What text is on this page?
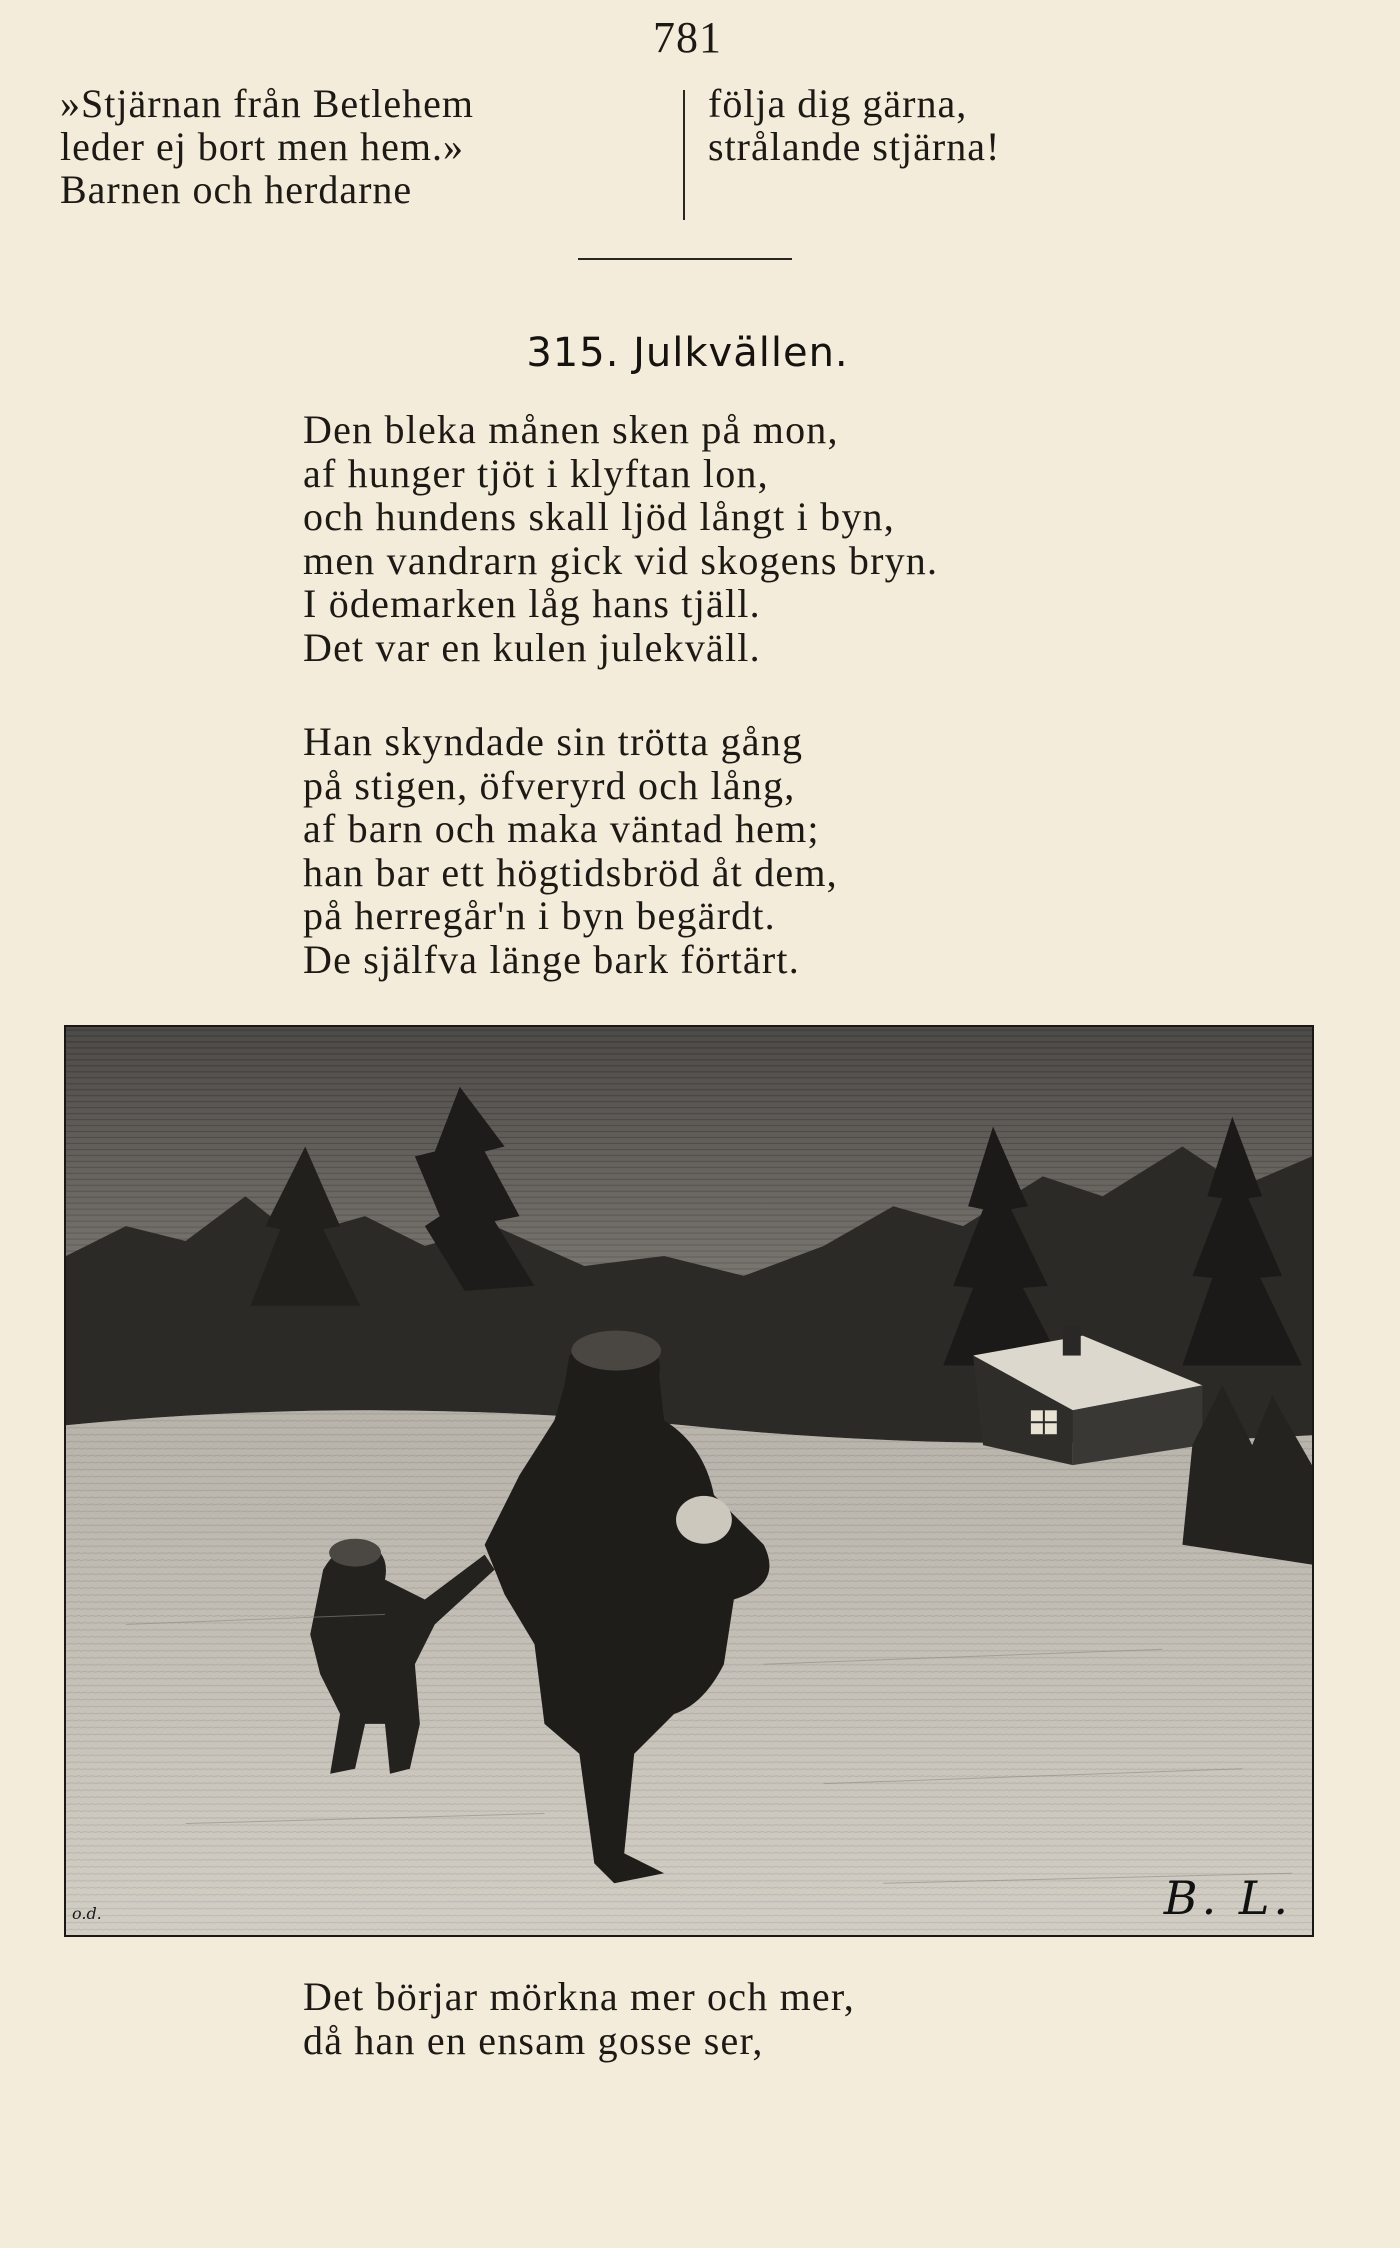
781
»Stjärnan från Betlehem
leder ej bort men hem.»
Barnen och herdarne
följa dig gärna,
strålande stjärna!
315. Julkvällen.
Den bleka månen sken på mon,
af hunger tjöt i klyftan lon,
och hundens skall ljöd långt i byn,
men vandrarn gick vid skogens bryn.
I ödemarken låg hans tjäll.
Det var en kulen julekväll.
Han skyndade sin trötta gång
på stigen, öfveryrd och lång,
af barn och maka väntad hem;
han bar ett högtidsbröd åt dem,
på herregår'n i byn begärdt.
De själfva länge bark förtärt.
o.d.	B. L.
Det börjar mörkna mer och mer,
då han en ensam gosse ser,
